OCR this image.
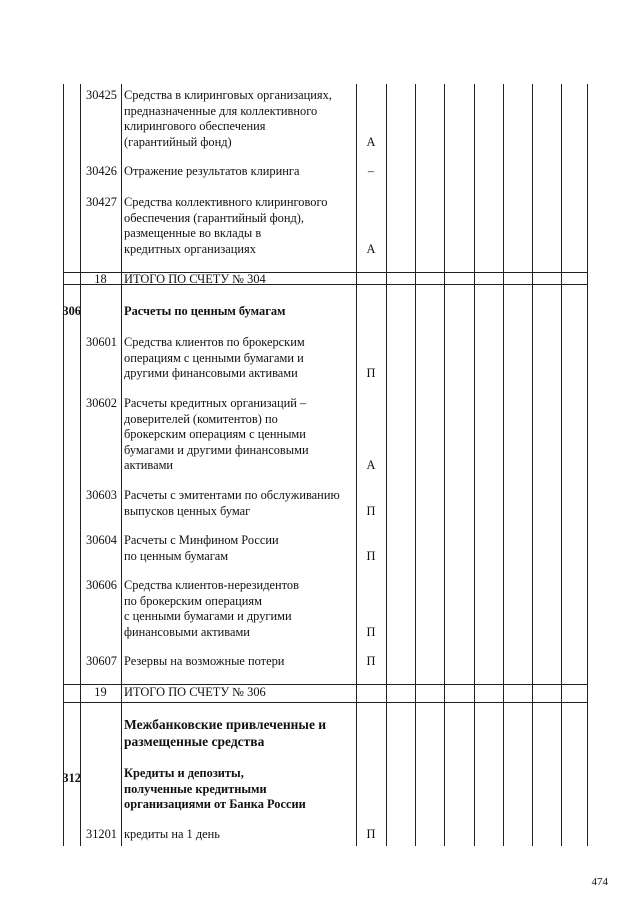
30425 Средства в клиринговых организациях,
предназначенные для коллективного
клирингового обеспечения
(гарантийный фонд)	А
30426 Отражение результатов клиринга	–
30427 Средства коллективного клирингового
обеспечения (гарантийный фонд),
размещенные во вклады в
кредитных организациях	А
18	ИТОГО ПО СЧЕТУ № 304
306	Расчеты по ценным бумагам
30601 Средства клиентов по брокерским
операциям с ценными бумагами и
другими финансовыми активами	П
30602 Расчеты кредитных организаций –
доверителей (комитентов) по
брокерским операциям с ценными
бумагами и другими финансовыми
активами	А
30603 Расчеты с эмитентами по обслуживанию
выпусков ценных бумаг	П
30604 Расчеты с Минфином России
по ценным бумагам	П
30606 Средства клиентов-нерезидентов
по брокерским операциям
с ценными бумагами и другими
финансовыми активами	П
30607 Резервы на возможные потери	П
19	ИТОГО ПО СЧЕТУ № 306
Межбанковские привлеченные и
размещенные средства
312	Кредиты и депозиты,
полученные кредитными
организациями от Банка России
31201 кредиты на 1 день	П
474
